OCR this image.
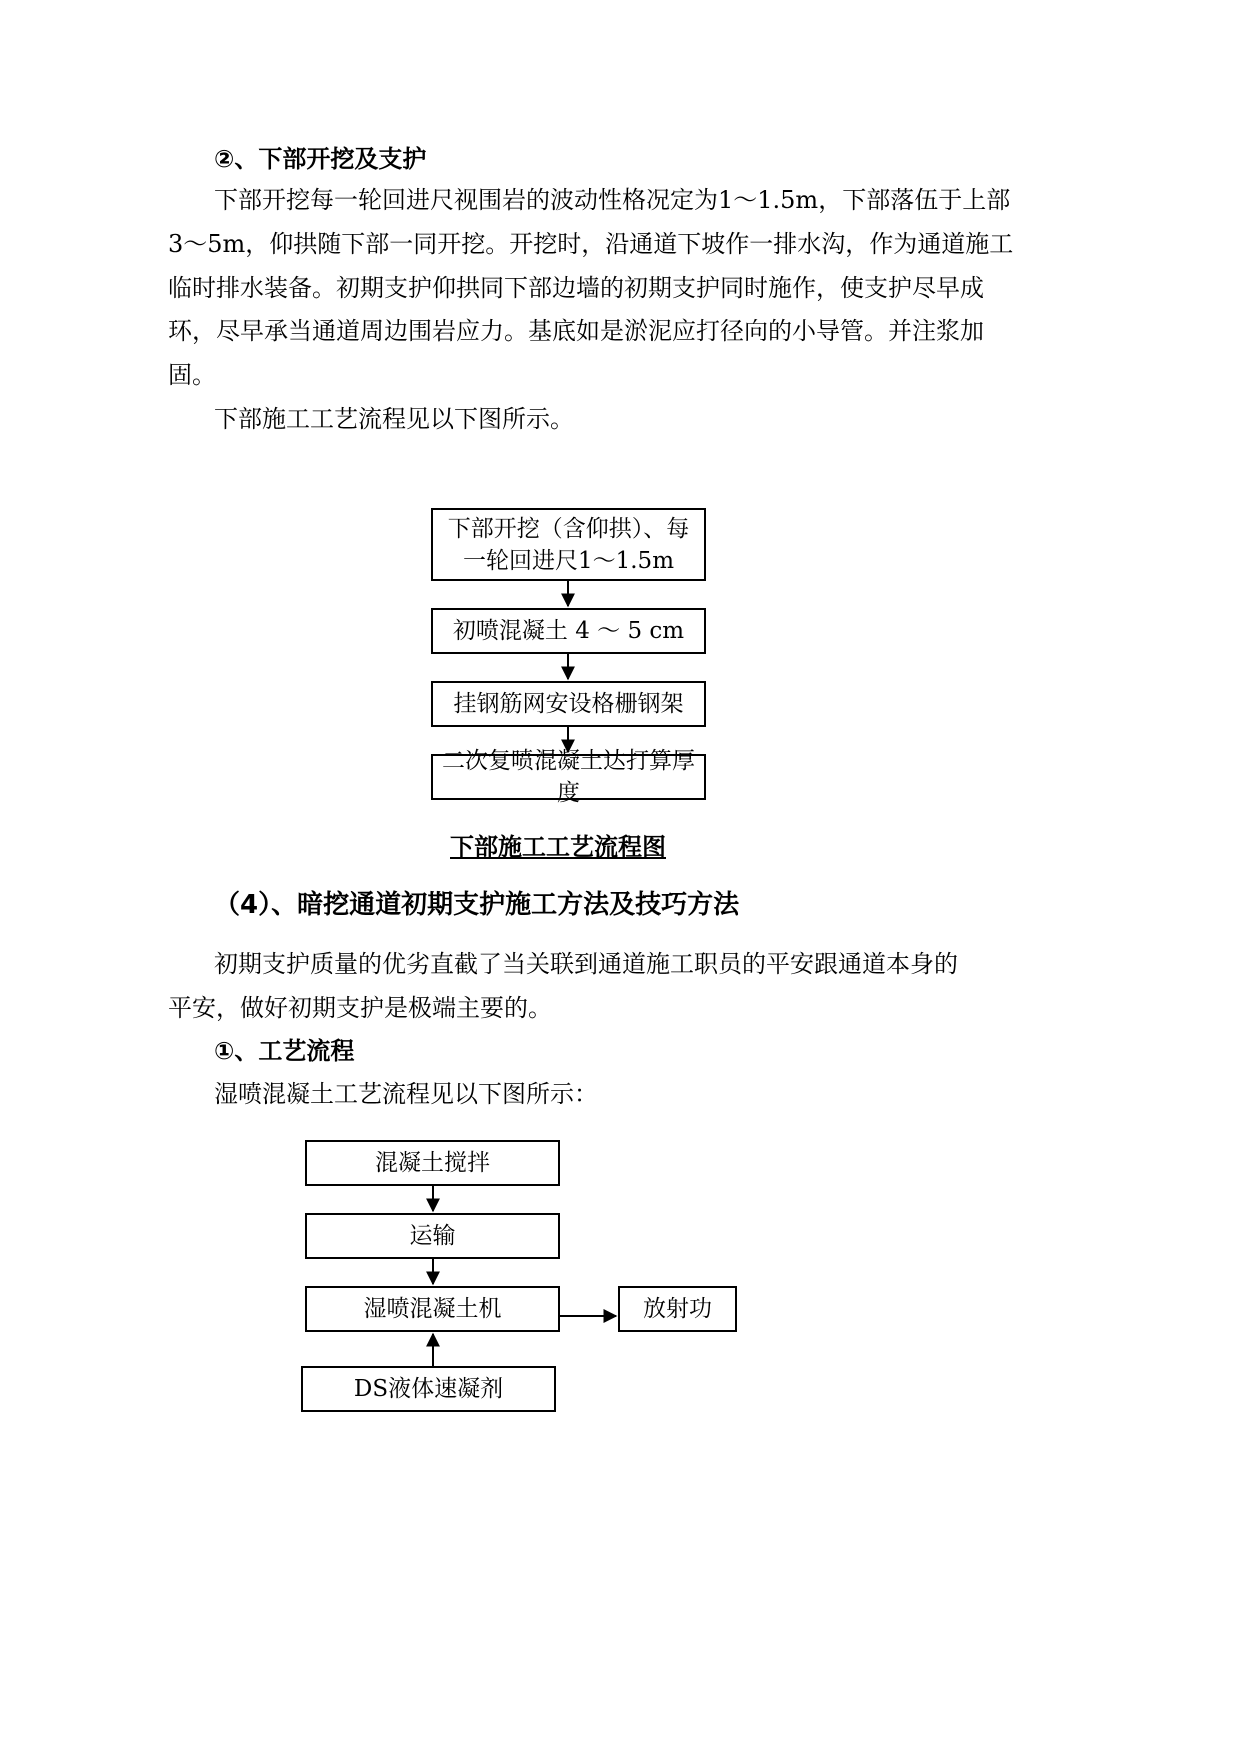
②、下部开挖及支护
下部开挖每一轮回进尺视围岩的波动性格况定为1～1.5m，下部落伍于上部
3～5m，仰拱随下部一同开挖。开挖时，沿通道下坡作一排水沟，作为通道施工
临时排水装备。初期支护仰拱同下部边墙的初期支护同时施作，使支护尽早成
环，尽早承当通道周边围岩应力。基底如是淤泥应打径向的小导管。并注浆加
固。
下部施工工艺流程见以下图所示。
下部开挖（含仰拱）、每一轮回进尺1～1.5m
初喷混凝土 4 ～ 5 cm
挂钢筋网安设格栅钢架
二次复喷混凝土达打算厚度
下部施工工艺流程图
（4）、暗挖通道初期支护施工方法及技巧方法
初期支护质量的优劣直截了当关联到通道施工职员的平安跟通道本身的
平安，做好初期支护是极端主要的。
①、工艺流程
湿喷混凝土工艺流程见以下图所示：
混凝土搅拌
运输
湿喷混凝土机	放射功
DS液体速凝剂
